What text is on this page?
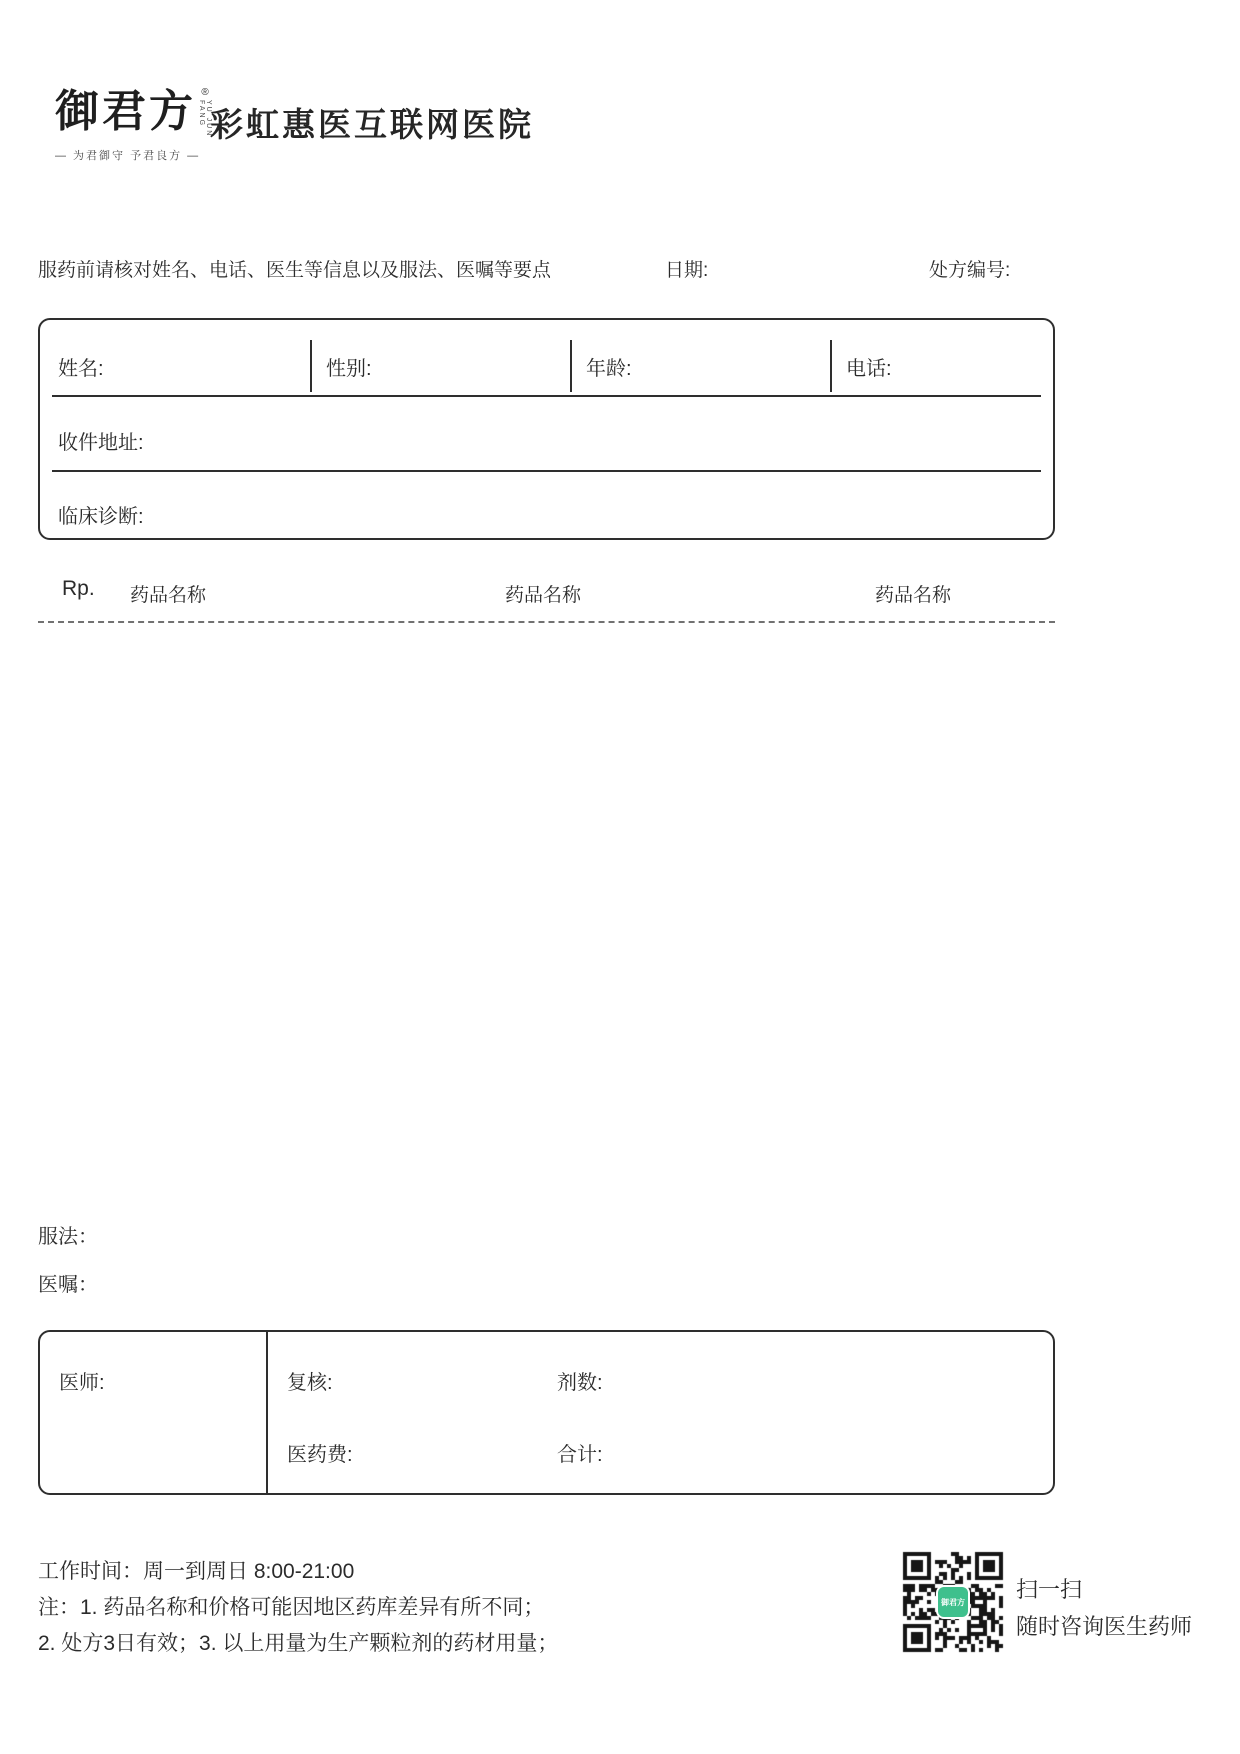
御君方 ®
YU JUN FANG
— 为君御守 予君良方 —
彩虹惠医互联网医院
服药前请核对姓名、电话、医生等信息以及服法、医嘱等要点	日期:	处方编号:
姓名:	性别:	年龄:	电话:
收件地址:
临床诊断:
Rp. 药品名称	药品名称	药品名称
服法：
医嘱：
医师:	复核:	剂数:
医药费:	合计:
工作时间：周一到周日 8:00-21:00
注：1. 药品名称和价格可能因地区药库差异有所不同；
2. 处方3日有效；3. 以上用量为生产颗粒剂的药材用量；
御君方 扫一扫
随时咨询医生药师
